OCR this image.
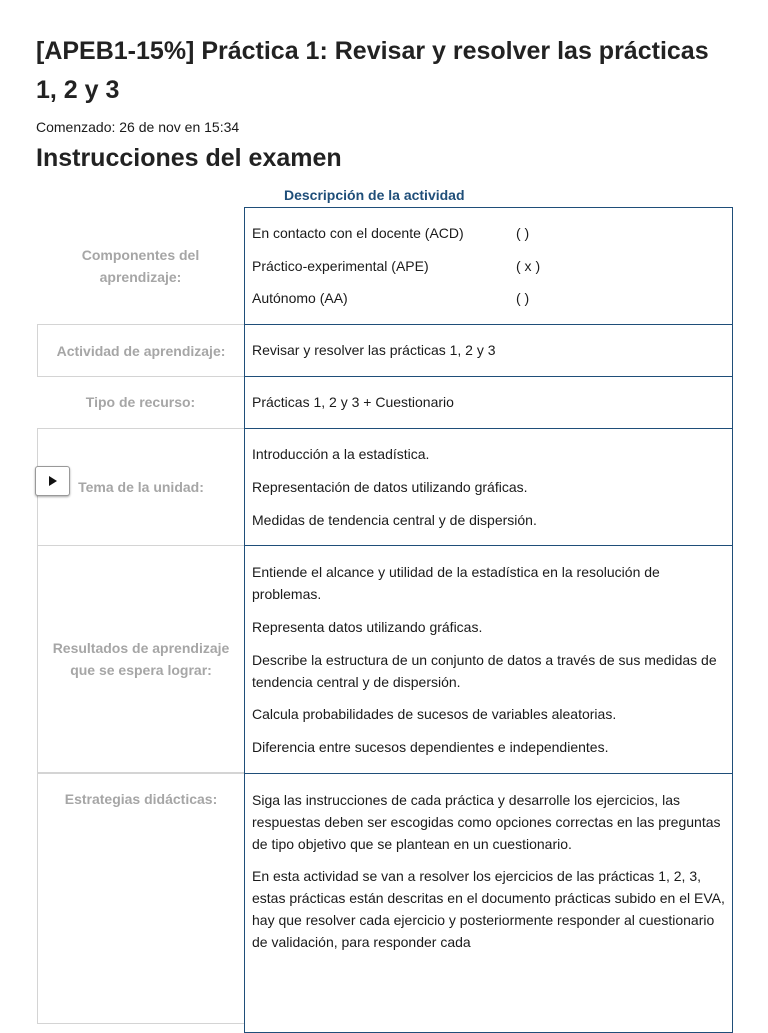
[APEB1-15%] Práctica 1: Revisar y resolver las prácticas 1, 2 y 3
Comenzado: 26 de nov en 15:34
Instrucciones del examen
Descripción de la actividad
Componentes del aprendizaje:
En contacto con el docente (ACD)	( )
Práctico-experimental (APE)	( x )
Autónomo (AA)	( )
Actividad de aprendizaje:	Revisar y resolver las prácticas 1, 2 y 3
Tipo de recurso:	Prácticas 1, 2 y 3 + Cuestionario
Tema de la unidad:
Introducción a la estadística.
Representación de datos utilizando gráficas.
Medidas de tendencia central y de dispersión.
Resultados de aprendizaje que se espera lograr:
Entiende el alcance y utilidad de la estadística en la resolución de problemas.
Representa datos utilizando gráficas.
Describe la estructura de un conjunto de datos a través de sus medidas de tendencia central y de dispersión.
Calcula probabilidades de sucesos de variables aleatorias.
Diferencia entre sucesos dependientes e independientes.
Estrategias didácticas:	Siga las instrucciones de cada práctica y desarrolle los ejercicios, las respuestas deben ser escogidas como opciones correctas en las preguntas de tipo objetivo que se plantean en un cuestionario.
En esta actividad se van a resolver los ejercicios de las prácticas 1, 2, 3, estas prácticas están descritas en el documento prácticas subido en el EVA, hay que resolver cada ejercicio y posteriormente responder al cuestionario de validación, para responder cada
